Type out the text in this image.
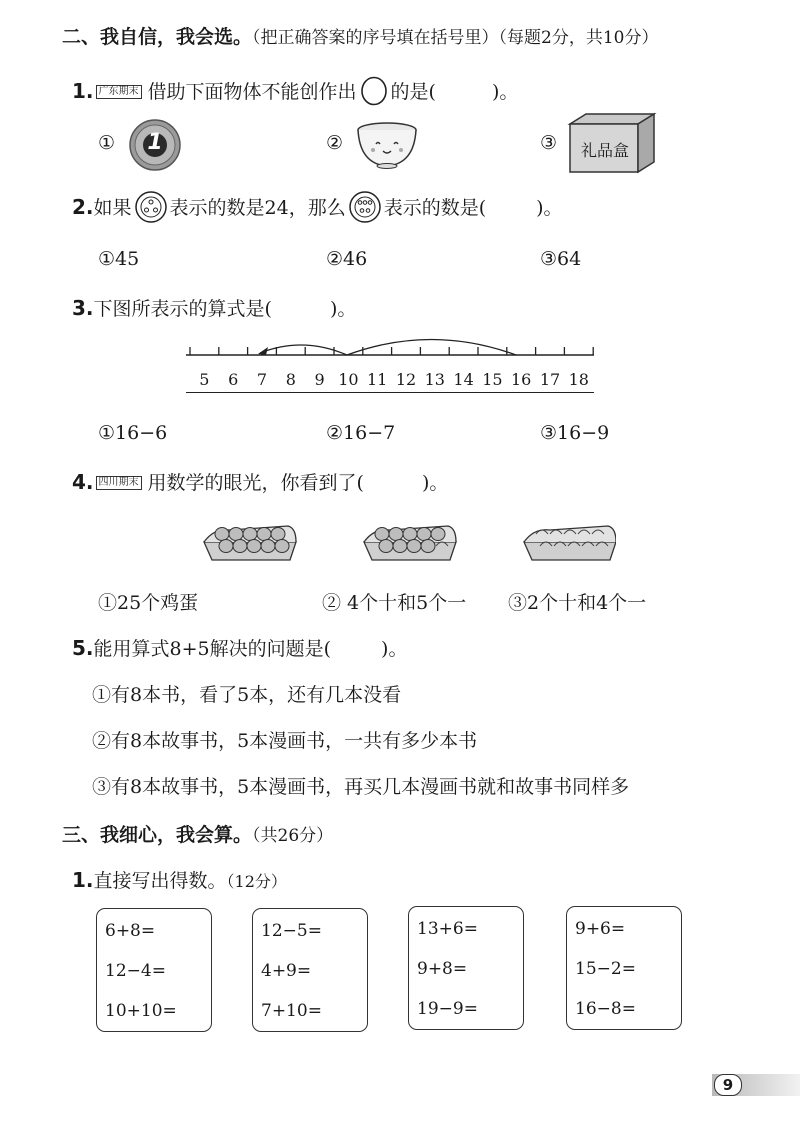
二、我自信，我会选。（把正确答案的序号填在括号里）（每题2分，共10分）
1. 广东期末 借助下面物体不能创作出 的是(	)。
①	1	②	③	礼品盒
2.如果 表示的数是24，那么 表示的数是(	)。
①45	②46	③64
3.下图所表示的算式是(	)。
5	6	7	8	9 10 11 12 13 14 15 16 17 18
①16−6	②16−7	③16−9
4. 四川期末 用数学的眼光，你看到了(	)。
①25个鸡蛋	② 4个十和5个一 ③2个十和4个一
5.能用算式8+5解决的问题是(	)。
①有8本书，看了5本，还有几本没看
②有8本故事书，5本漫画书，一共有多少本书
③有8本故事书，5本漫画书，再买几本漫画书就和故事书同样多
三、我细心，我会算。（共26分）
1.直接写出得数。（12分）
6+8=
12−4=
10+10=
12−5=
4+9=
7+10=
13+6=
9+8=
19−9=
9+6=
15−2=
16−8=
9
